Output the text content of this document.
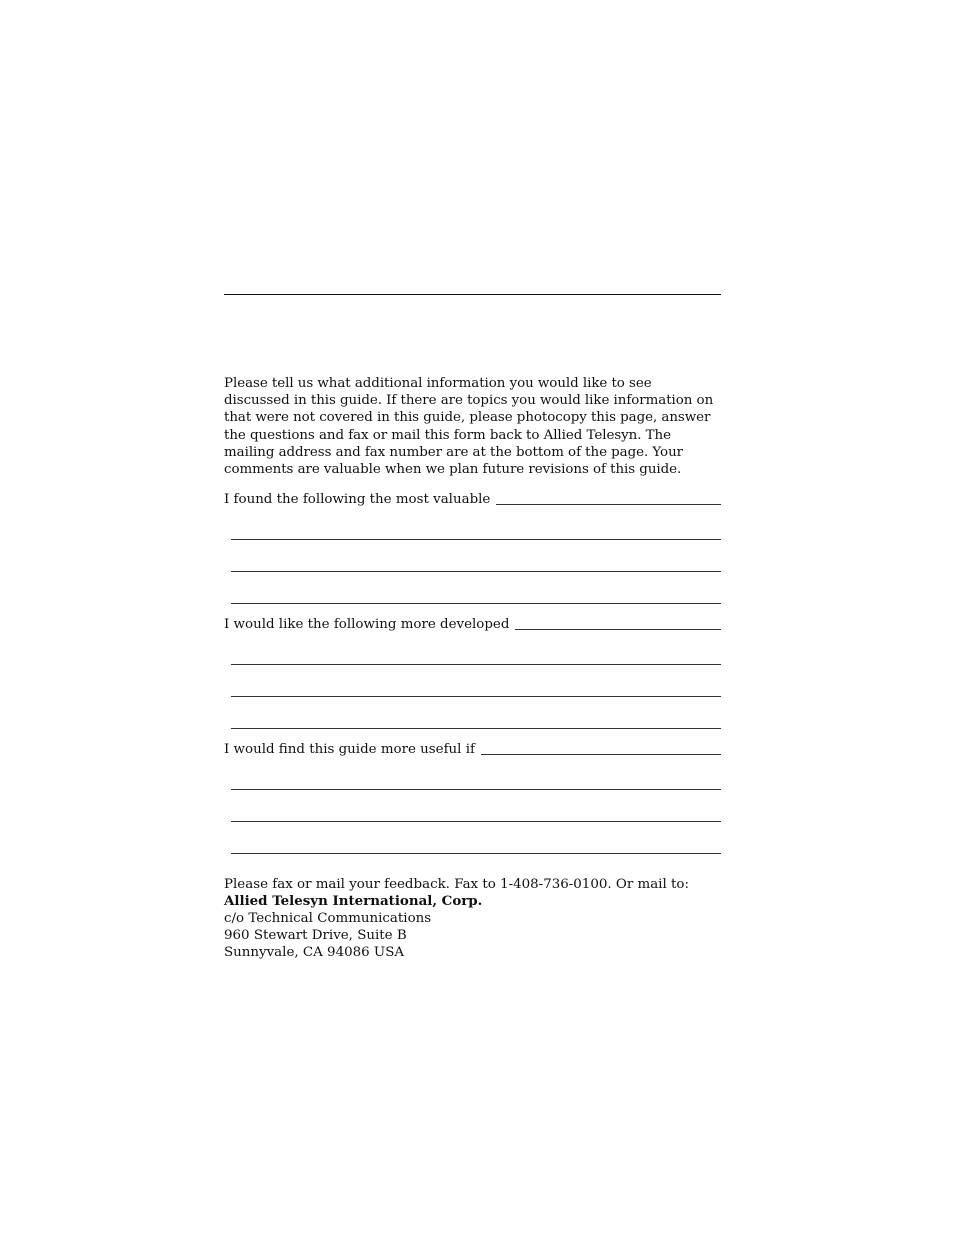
Please tell us what additional information you would like to see discussed in this guide. If there are topics you would like information on that were not covered in this guide, please photocopy this page, answer the questions and fax or mail this form back to Allied Telesyn. The mailing address and fax number are at the bottom of the page. Your comments are valuable when we plan future revisions of this guide.

I found the following the most valuable
I would like the following more developed
I would find this guide more useful if

Please fax or mail your feedback. Fax to 1-408-736-0100. Or mail to:

Allied Telesyn International, Corp.

c/o Technical Communications

960 Stewart Drive, Suite B

Sunnyvale, CA 94086 USA
